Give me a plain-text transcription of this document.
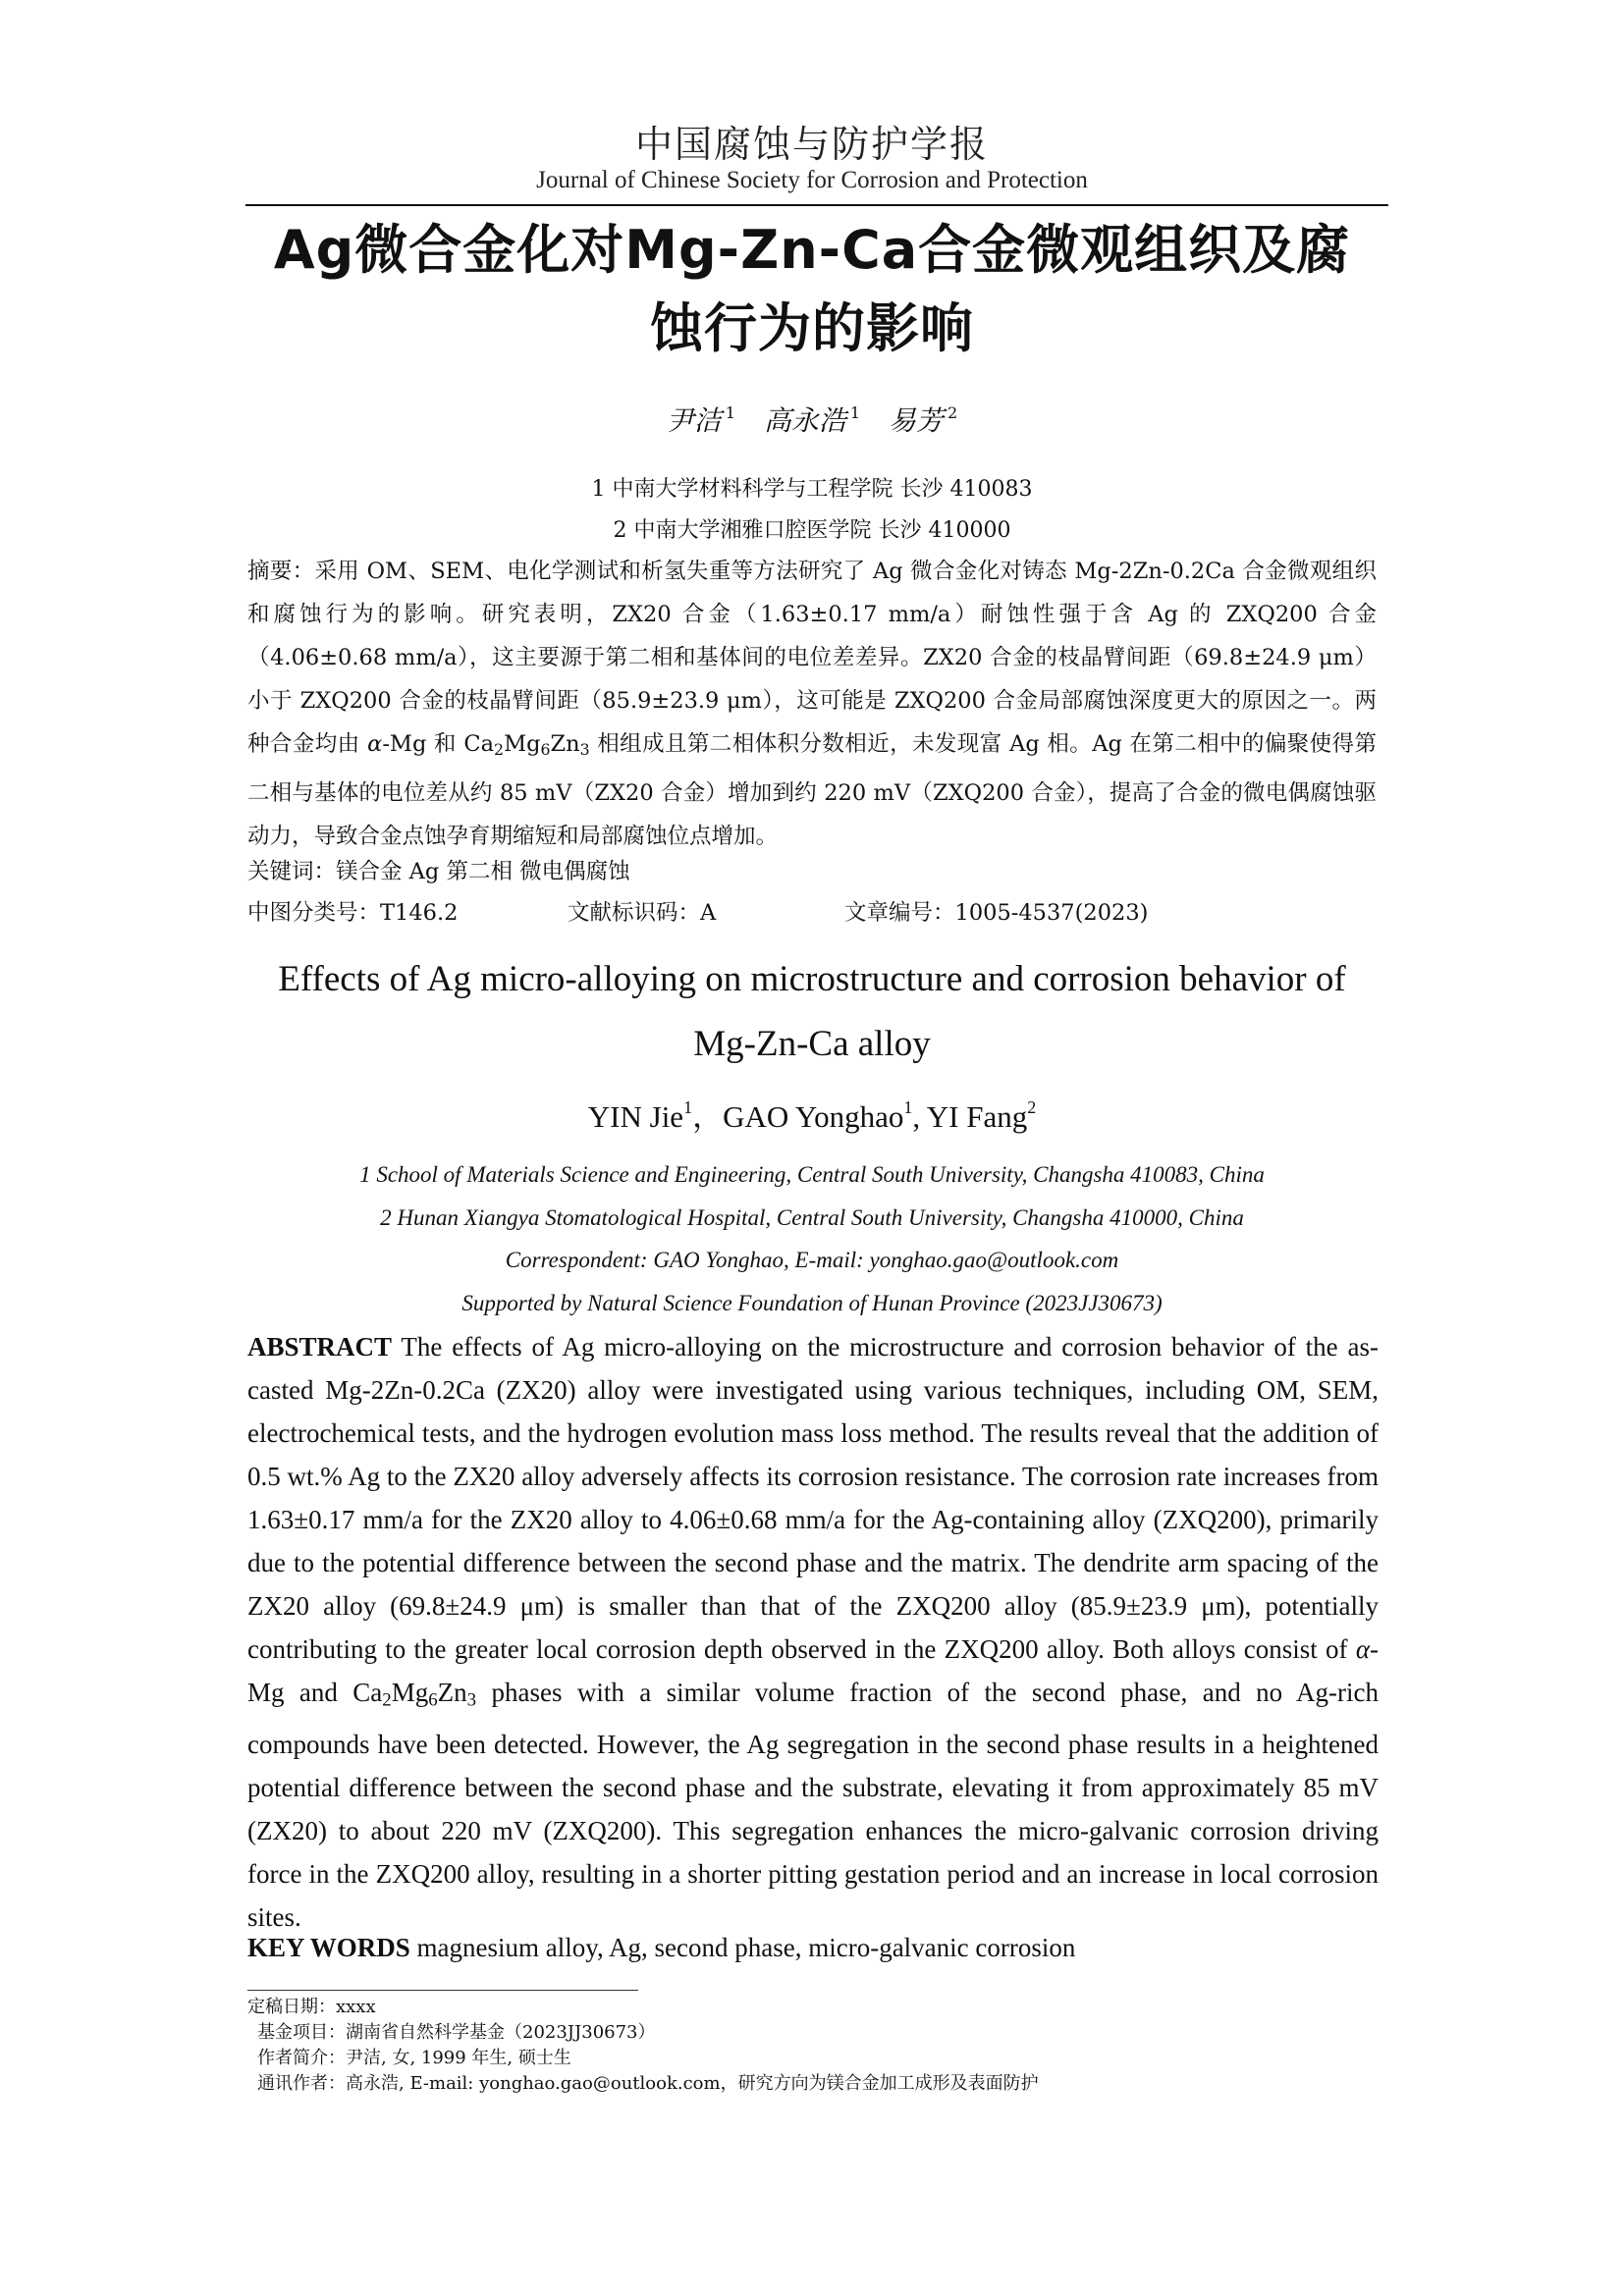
中国腐蚀与防护学报
Journal of Chinese Society for Corrosion and Protection
Ag微合金化对Mg-Zn-Ca合金微观组织及腐
蚀行为的影响
尹洁 $^1$ 高永浩 $^1$ 易芳 $^2$
1 中南大学材料科学与工程学院 长沙 410083
2 中南大学湘雅口腔医学院 长沙 410000
摘要：采用 OM、SEM、电化学测试和析氢失重等方法研究了 Ag 微合金化对铸态 Mg-2Zn-0.2Ca 合金微观组织和腐蚀行为的影响。研究表明，ZX20 合金（1.63±0.17 mm/a）耐蚀性强于含 Ag 的 ZXQ200 合金（4.06±0.68 mm/a），这主要源于第二相和基体间的电位差差异。ZX20 合金的枝晶臂间距（69.8±24.9 μm）小于 ZXQ200 合金的枝晶臂间距（85.9±23.9 μm），这可能是 ZXQ200 合金局部腐蚀深度更大的原因之一。两种合金均由 α-Mg 和 $Ca_2Mg_6Zn_3$ 相组成且第二相体积分数相近，未发现富 Ag 相。Ag 在第二相中的偏聚使得第二相与基体的电位差从约 85 mV（ZX20 合金）增加到约 220 mV（ZXQ200 合金），提高了合金的微电偶腐蚀驱动力，导致合金点蚀孕育期缩短和局部腐蚀位点增加。
关键词：镁合金 Ag 第二相 微电偶腐蚀
中图分类号：T146.2	文献标识码：A	文章编号：1005-4537(2023)
Effects of Ag micro-alloying on microstructure and corrosion behavior of
Mg-Zn-Ca alloy
YIN Jie$^1$，GAO Yonghao$^1$, YI Fang$^2$
1 School of Materials Science and Engineering, Central South University, Changsha 410083, China
2 Hunan Xiangya Stomatological Hospital, Central South University, Changsha 410000, China
Correspondent: GAO Yonghao, E-mail: yonghao.gao@outlook.com
Supported by Natural Science Foundation of Hunan Province (2023JJ30673)
ABSTRACT The effects of Ag micro-alloying on the microstructure and corrosion behavior of the as-casted Mg-2Zn-0.2Ca (ZX20) alloy were investigated using various techniques, including OM, SEM, electrochemical tests, and the hydrogen evolution mass loss method. The results reveal that the addition of 0.5 wt.% Ag to the ZX20 alloy adversely affects its corrosion resistance. The corrosion rate increases from 1.63±0.17 mm/a for the ZX20 alloy to 4.06±0.68 mm/a for the Ag-containing alloy (ZXQ200), primarily due to the potential difference between the second phase and the matrix. The dendrite arm spacing of the ZX20 alloy (69.8±24.9 μm) is smaller than that of the ZXQ200 alloy (85.9±23.9 μm), potentially contributing to the greater local corrosion depth observed in the ZXQ200 alloy. Both alloys consist of α-Mg and $Ca_2Mg_6Zn_3$ phases with a similar volume fraction of the second phase, and no Ag-rich compounds have been detected. However, the Ag segregation in the second phase results in a heightened potential difference between the second phase and the substrate, elevating it from approximately 85 mV (ZX20) to about 220 mV (ZXQ200). This segregation enhances the micro-galvanic corrosion driving force in the ZXQ200 alloy, resulting in a shorter pitting gestation period and an increase in local corrosion sites.
KEY WORDS magnesium alloy, Ag, second phase, micro-galvanic corrosion
定稿日期：xxxx
基金项目：湖南省自然科学基金（2023JJ30673）
作者简介：尹洁, 女, 1999 年生, 硕士生
通讯作者：高永浩, E-mail: yonghao.gao@outlook.com，研究方向为镁合金加工成形及表面防护
